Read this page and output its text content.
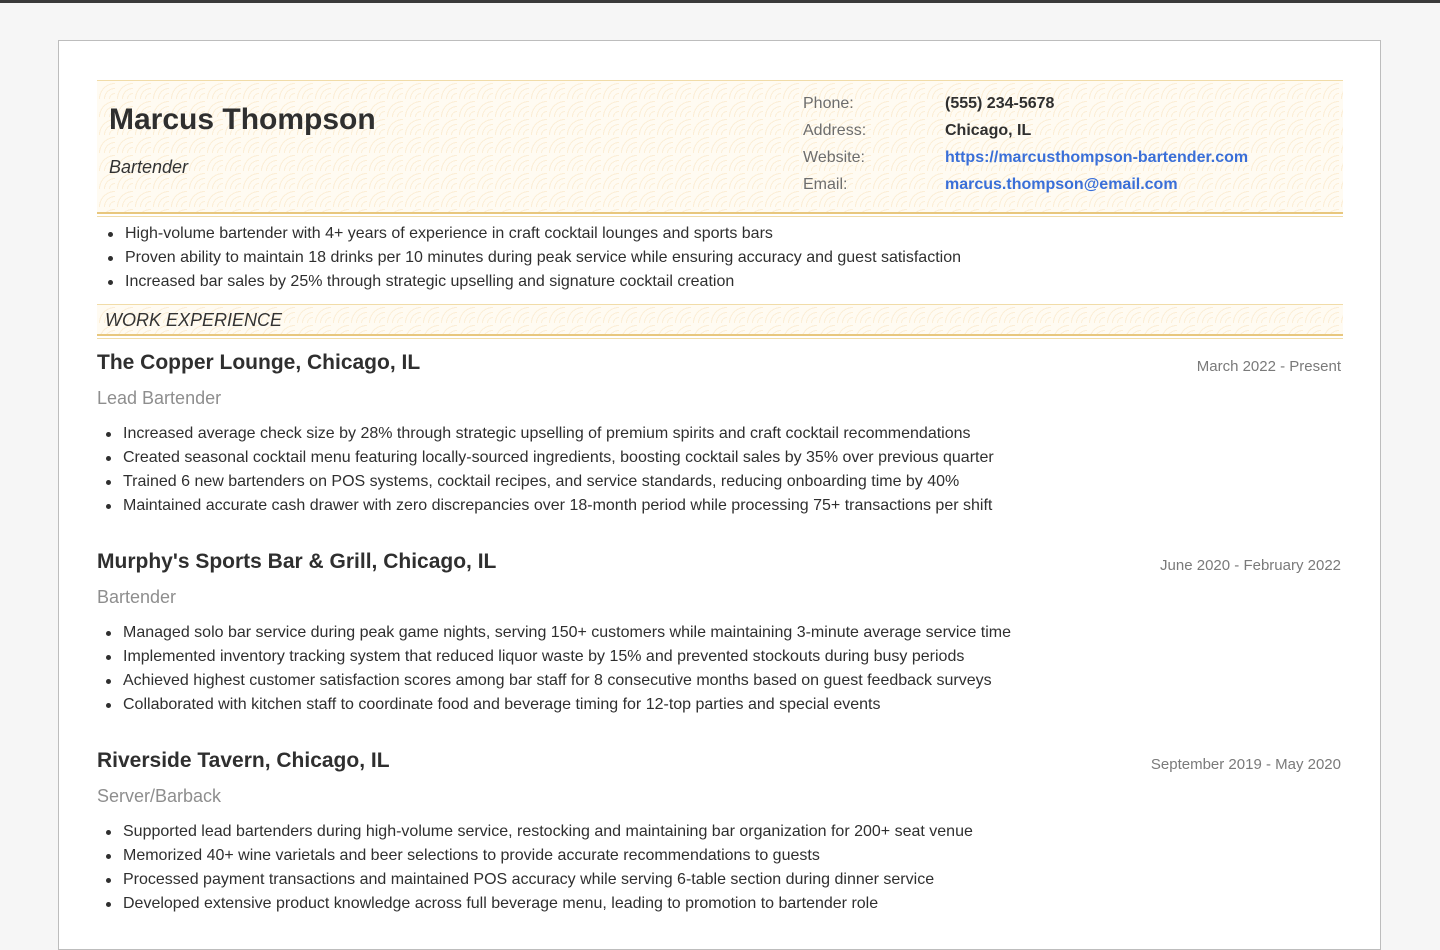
Marcus Thompson
Bartender
Phone:	(555) 234-5678
Address:	Chicago, IL
Website:	https://marcusthompson-bartender.com
Email:	marcus.thompson@email.com
High-volume bartender with 4+ years of experience in craft cocktail lounges and sports bars
Proven ability to maintain 18 drinks per 10 minutes during peak service while ensuring accuracy and guest satisfaction
Increased bar sales by 25% through strategic upselling and signature cocktail creation
WORK EXPERIENCE
The Copper Lounge, Chicago, IL	March 2022 - Present
Lead Bartender
Increased average check size by 28% through strategic upselling of premium spirits and craft cocktail recommendations
Created seasonal cocktail menu featuring locally-sourced ingredients, boosting cocktail sales by 35% over previous quarter
Trained 6 new bartenders on POS systems, cocktail recipes, and service standards, reducing onboarding time by 40%
Maintained accurate cash drawer with zero discrepancies over 18-month period while processing 75+ transactions per shift
Murphy's Sports Bar & Grill, Chicago, IL	June 2020 - February 2022
Bartender
Managed solo bar service during peak game nights, serving 150+ customers while maintaining 3-minute average service time
Implemented inventory tracking system that reduced liquor waste by 15% and prevented stockouts during busy periods
Achieved highest customer satisfaction scores among bar staff for 8 consecutive months based on guest feedback surveys
Collaborated with kitchen staff to coordinate food and beverage timing for 12-top parties and special events
Riverside Tavern, Chicago, IL	September 2019 - May 2020
Server/Barback
Supported lead bartenders during high-volume service, restocking and maintaining bar organization for 200+ seat venue
Memorized 40+ wine varietals and beer selections to provide accurate recommendations to guests
Processed payment transactions and maintained POS accuracy while serving 6-table section during dinner service
Developed extensive product knowledge across full beverage menu, leading to promotion to bartender role
